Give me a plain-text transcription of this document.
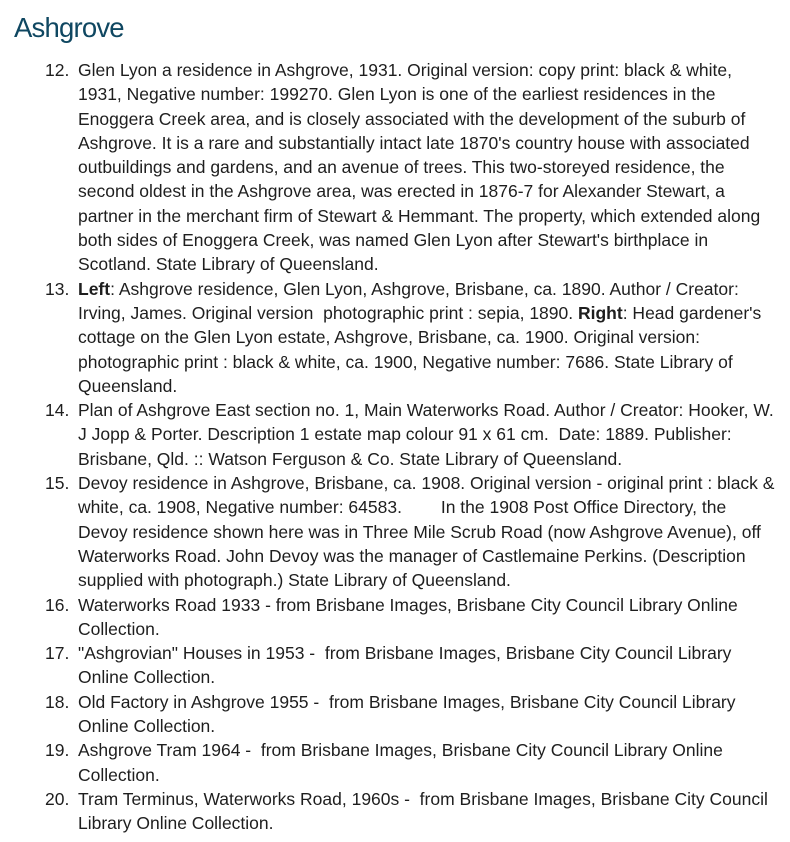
Ashgrove
12. Glen Lyon a residence in Ashgrove, 1931. Original version: copy print: black & white, 1931, Negative number: 199270. Glen Lyon is one of the earliest residences in the Enoggera Creek area, and is closely associated with the development of the suburb of Ashgrove. It is a rare and substantially intact late 1870's country house with associated outbuildings and gardens, and an avenue of trees. This two-storeyed residence, the second oldest in the Ashgrove area, was erected in 1876-7 for Alexander Stewart, a partner in the merchant firm of Stewart & Hemmant. The property, which extended along both sides of Enoggera Creek, was named Glen Lyon after Stewart's birthplace in Scotland. State Library of Queensland.
13. Left: Ashgrove residence, Glen Lyon, Ashgrove, Brisbane, ca. 1890. Author / Creator: Irving, James. Original version  photographic print : sepia, 1890. Right: Head gardener's cottage on the Glen Lyon estate, Ashgrove, Brisbane, ca. 1900. Original version: photographic print : black & white, ca. 1900, Negative number: 7686. State Library of Queensland.
14. Plan of Ashgrove East section no. 1, Main Waterworks Road. Author / Creator: Hooker, W. J Jopp & Porter. Description 1 estate map colour 91 x 61 cm.  Date: 1889. Publisher: Brisbane, Qld. :: Watson Ferguson & Co. State Library of Queensland.
15. Devoy residence in Ashgrove, Brisbane, ca. 1908. Original version - original print : black & white, ca. 1908, Negative number: 64583.        In the 1908 Post Office Directory, the Devoy residence shown here was in Three Mile Scrub Road (now Ashgrove Avenue), off Waterworks Road. John Devoy was the manager of Castlemaine Perkins. (Description supplied with photograph.) State Library of Queensland.
16. Waterworks Road 1933 - from Brisbane Images, Brisbane City Council Library Online Collection.
17. "Ashgrovian" Houses in 1953 -  from Brisbane Images, Brisbane City Council Library Online Collection.
18. Old Factory in Ashgrove 1955 -  from Brisbane Images, Brisbane City Council Library Online Collection.
19. Ashgrove Tram 1964 -  from Brisbane Images, Brisbane City Council Library Online Collection.
20. Tram Terminus, Waterworks Road, 1960s -  from Brisbane Images, Brisbane City Council Library Online Collection.
